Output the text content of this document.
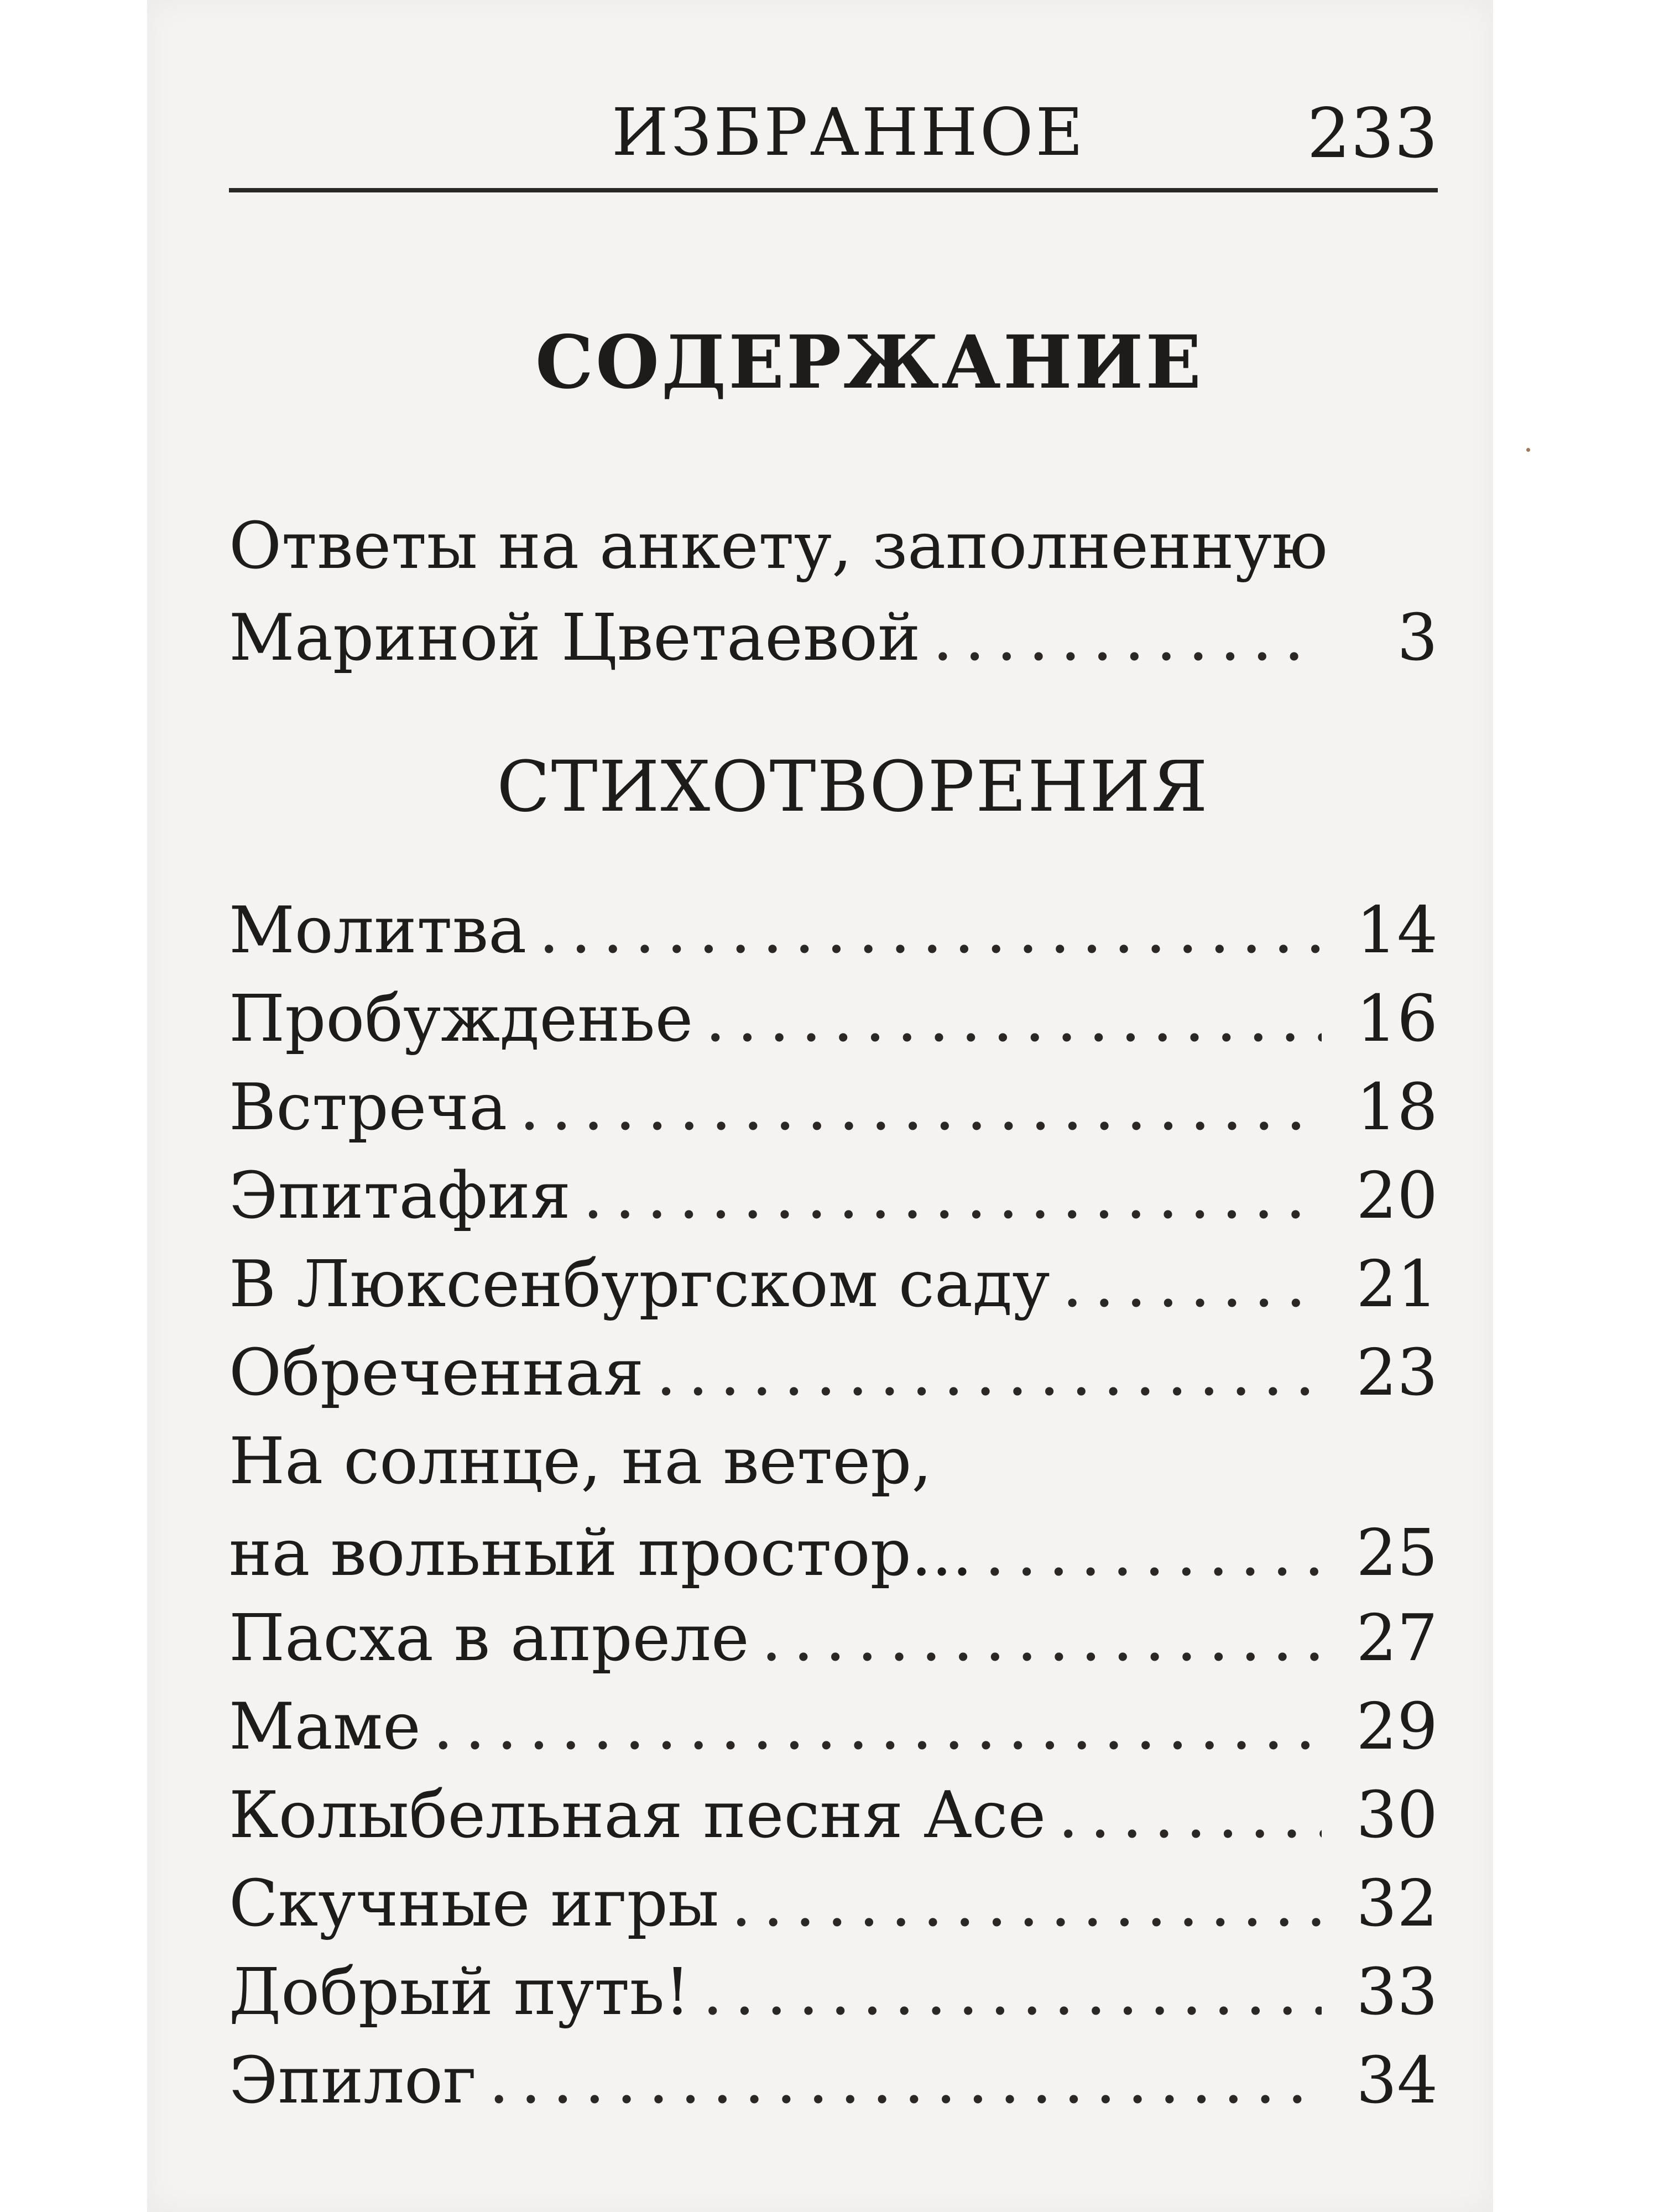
ИЗБРАННОЕ	233
СОДЕРЖАНИЕ
Ответы на анкету, заполненную
Мариной Цветаевой . . .	3
СТИХОТВОРЕНИЯ
Молитва . . .	14
Пробужденье . . .	16
Встреча . . .	18
Эпитафия . . .	20
В Люксенбургском саду . . .	21
Обреченная . . .	23
На солнце, на ветер,
на вольный простор... . . .	25
Пасха в апреле . . .	27
Маме . . .	29
Колыбельная песня Асе . . .	30
Скучные игры . . .	32
Добрый путь! . . .	33
Эпилог . . .	34
